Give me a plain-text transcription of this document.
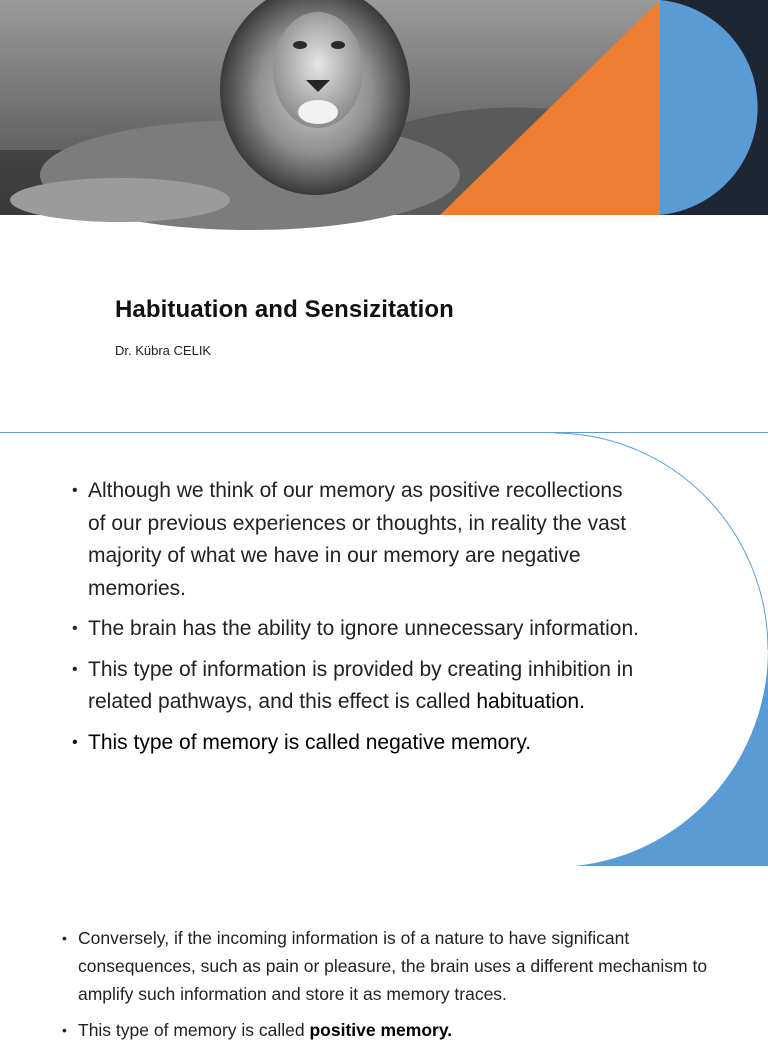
Habituation and Sensizitation
Dr. Kübra CELIK
• Although we think of our memory as positive recollections of our previous experiences or thoughts, in reality the vast majority of what we have in our memory are negative memories.
• The brain has the ability to ignore unnecessary information.
• This type of information is provided by creating inhibition in related pathways, and this effect is called habituation.
• This type of memory is called negative memory.
• Conversely, if the incoming information is of a nature to have significant consequences, such as pain or pleasure, the brain uses a different mechanism to amplify such information and store it as memory traces.
• This type of memory is called positive memory.
